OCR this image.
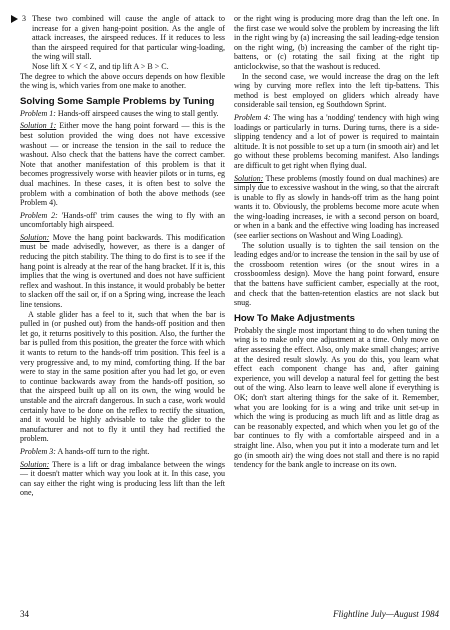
3 These two combined will cause the angle of attack to increase for a given hang-point position. As the angle of attack increases, the airspeed reduces. If it reduces to less than the airspeed required for that particular wing-loading, the wing will stall.

Nose lift X < Y < Z, and tip lift A > B > C.

The degree to which the above occurs depends on how flexible the wing is, which varies from one make to another.

Solving Some Sample Problems by Tuning

Problem 1: Hands-off airspeed causes the wing to stall gently.

Solution 1: Either move the hang point forward — this is the best solution provided the wing does not have excessive washout — or increase the tension in the sail to reduce the washout. Also check that the battens have the correct camber. Note that another manifestation of this problem is that it becomes progressively worse with heavier pilots or in turns, eg dual machines. In these cases, it is often best to solve the problem with a combination of both the above methods (see Problem 4).

Problem 2: 'Hands-off' trim causes the wing to fly with an uncomfortably high airspeed.

Solution: Move the hang point backwards. This modification must be made advisedly, however, as there is a danger of reducing the pitch stability. The thing to do first is to see if the hang point is already at the rear of the hang bracket. If it is, this implies that the wing is overtuned and does not have sufficient reflex and washout. In this instance, it would probably be better to slacken off the sail or, if on a Spring wing, increase the leach line tensions.

A stable glider has a feel to it, such that when the bar is pulled in (or pushed out) from the hands-off position and then let go, it returns positively to this position. Also, the further the bar is pulled from this position, the greater the force with which it wants to return to the hands-off trim position. This feel is a very progressive and, to my mind, comforting thing. If the bar were to stay in the same position after you had let go, or even to continue backwards away from the hands-off position, so that the airspeed built up all on its own, the wing would be unstable and the aircraft dangerous. In such a case, work would certainly have to be done on the reflex to rectify the situation, and it would be highly advisable to take the glider to the manufacturer and not to fly it until they had rectified the problem.

Problem 3: A hands-off turn to the right.

Solution: There is a lift or drag imbalance between the wings — it doesn't matter which way you look at it. In this case, you can say either the right wing is producing less lift than the left one,

or the right wing is producing more drag than the left one. In the first case we would solve the problem by increasing the lift in the right wing by (a) increasing the sail leading-edge tension on the right wing, (b) increasing the camber of the right tip-battens, or (c) rotating the sail fixing at the right tip anticlockwise, so that the washout is reduced.

In the second case, we would increase the drag on the left wing by curving more reflex into the left tip-battens. This method is best employed on gliders which already have considerable sail tension, eg Southdown Sprint.

Problem 4: The wing has a 'nodding' tendency with high wing loadings or particularly in turns. During turns, there is a side-slipping tendency and a lot of power is required to maintain altitude. It is not possible to set up a turn (in smooth air) and let go without these problems becoming manifest. Also landings are difficult to get right when flying dual.

Solution: These problems (mostly found on dual machines) are simply due to excessive washout in the wing, so that the aircraft is unable to fly as slowly in hands-off trim as the hang point wants it to. Obviously, the problems become more acute when the wing-loading increases, ie with a second person on board, or when in a bank and the effective wing loading has increased (see earlier sections on Washout and Wing Loading).

The solution usually is to tighten the sail tension on the leading edges and/or to increase the tension in the sail by use of the crossboom retention wires (or the snout wires in a crossboomless design). Move the hang point forward, ensure that the battens have sufficient camber, especially at the root, and check that the batten-retention elastics are not slack but snug.

How To Make Adjustments

Probably the single most important thing to do when tuning the wing is to make only one adjustment at a time. Only move on after assessing the effect. Also, only make small changes; arrive at the desired result slowly. As you do this, you learn what effect each component change has and, after gaining experience, you will develop a natural feel for getting the best out of the wing. Also learn to leave well alone if everything is OK; don't start altering things for the sake of it. Remember, what you are looking for is a wing and trike unit set-up in which the wing is producing as much lift and as little drag as can be reasonably expected, and which when you let go of the bar continues to fly with a comfortable airspeed and in a straight line. Also, when you put it into a moderate turn and let go (in smooth air) the wing does not stall and there is no rapid tendency for the bank angle to increase on its own.

34	Flightline July—August 1984
